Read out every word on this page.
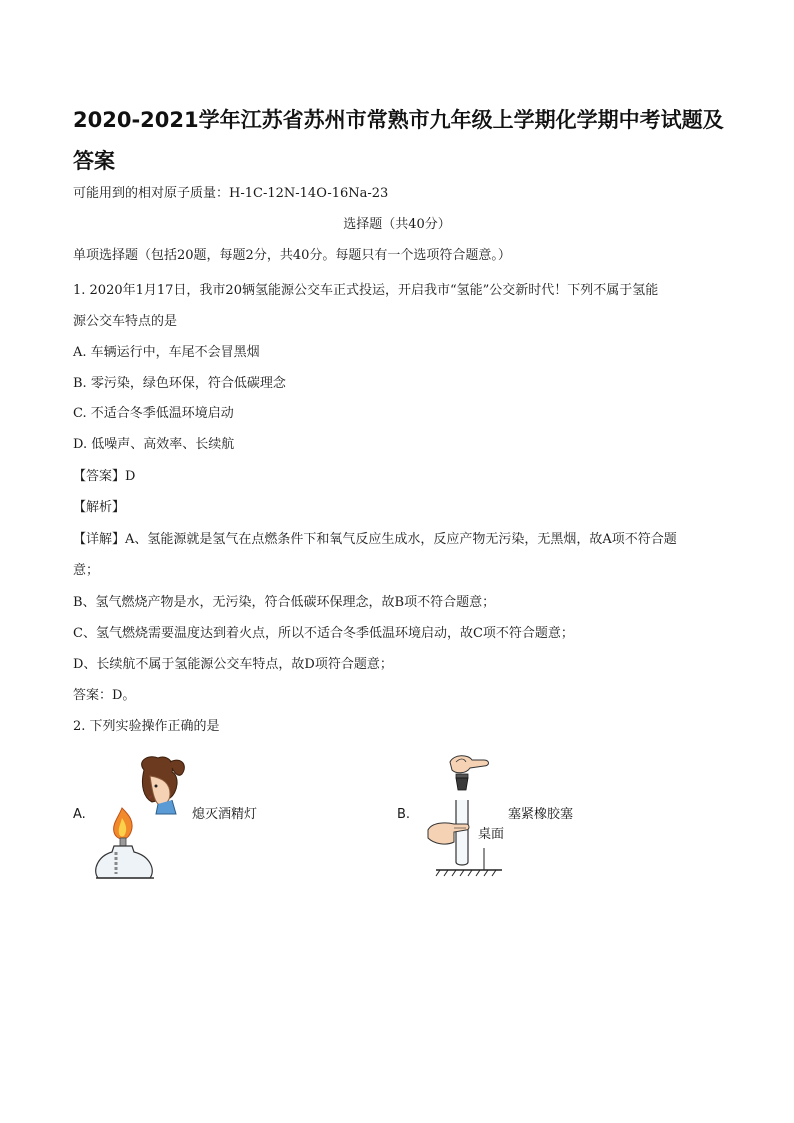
2020-2021学年江苏省苏州市常熟市九年级上学期化学期中考试题及答案
可能用到的相对原子质量：H-1C-12N-14O-16Na-23
选择题（共40分）
单项选择题（包括20题，每题2分，共40分。每题只有一个选项符合题意。）
1. 2020年1月17日，我市20辆氢能源公交车正式投运，开启我市“氢能”公交新时代！下列不属于氢能
源公交车特点的是
A. 车辆运行中，车尾不会冒黑烟
B. 零污染，绿色环保，符合低碳理念
C. 不适合冬季低温环境启动
D. 低噪声、高效率、长续航
【答案】D
【解析】
【详解】A、氢能源就是氢气在点燃条件下和氧气反应生成水，反应产物无污染，无黑烟，故A项不符合题
意；
B、氢气燃烧产物是水，无污染，符合低碳环保理念，故B项不符合题意；
C、氢气燃烧需要温度达到着火点，所以不适合冬季低温环境启动，故C项不符合题意；
D、长续航不属于氢能源公交车特点，故D项符合题意；
答案：D。
2. 下列实验操作正确的是
A.	熄灭酒精灯	B.
桌面
塞紧橡胶塞
